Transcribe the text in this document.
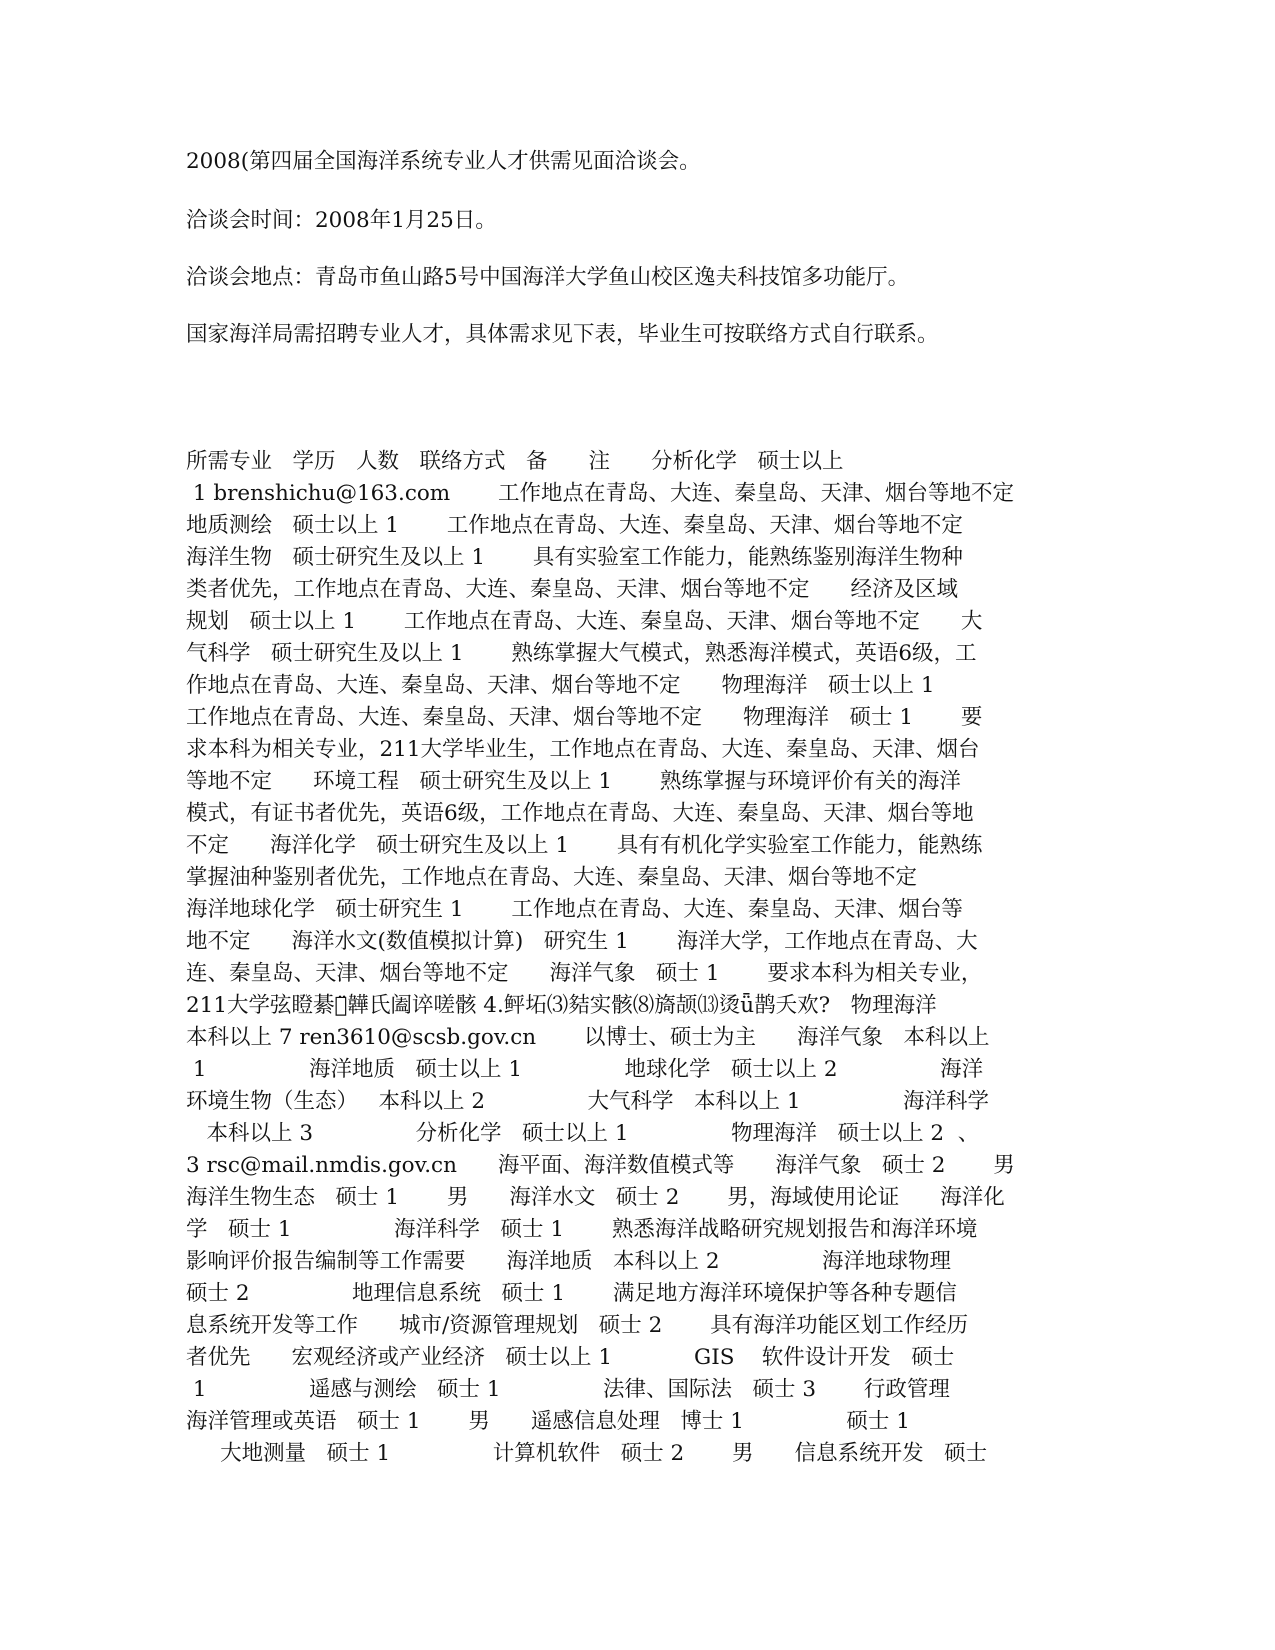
2008(第四届全国海洋系统专业人才供需见面洽谈会。

洽谈会时间：2008年1月25日。

洽谈会地点：青岛市鱼山路5号中国海洋大学鱼山校区逸夫科技馆多功能厅。

国家海洋局需招聘专业人才，具体需求见下表，毕业生可按联络方式自行联系。

所需专业   学历   人数   联络方式   备      注      分析化学   硕士以上

1 brenshichu@163.com       工作地点在青岛、大连、秦皇岛、天津、烟台等地不定

地质测绘   硕士以上 1       工作地点在青岛、大连、秦皇岛、天津、烟台等地不定

海洋生物   硕士研究生及以上 1       具有实验室工作能力，能熟练鉴别海洋生物种

类者优先，工作地点在青岛、大连、秦皇岛、天津、烟台等地不定      经济及区域

规划   硕士以上 1       工作地点在青岛、大连、秦皇岛、天津、烟台等地不定      大

气科学   硕士研究生及以上 1       熟练掌握大气模式，熟悉海洋模式，英语6级，工

作地点在青岛、大连、秦皇岛、天津、烟台等地不定      物理海洋   硕士以上 1

工作地点在青岛、大连、秦皇岛、天津、烟台等地不定      物理海洋   硕士 1       要

求本科为相关专业，211大学毕业生，工作地点在青岛、大连、秦皇岛、天津、烟台

等地不定      环境工程   硕士研究生及以上 1       熟练掌握与环境评价有关的海洋

模式，有证书者优先，英语6级，工作地点在青岛、大连、秦皇岛、天津、烟台等地

不定      海洋化学   硕士研究生及以上 1       具有有机化学实验室工作能力，能熟练

掌握油种鉴别者优先，工作地点在青岛、大连、秦皇岛、天津、烟台等地不定

海洋地球化学   硕士研究生 1       工作地点在青岛、大连、秦皇岛、天津、烟台等

地不定      海洋水文(数值模拟计算)   研究生 1       海洋大学，工作地点在青岛、大

连、秦皇岛、天津、烟台等地不定      海洋气象   硕士 1       要求本科为相关专业，

211大学弦瞪綦鄹̈韡氏阖谇嗟骸 4.鲆坧⑶夡实骸⑻旖颉⒀烫ǖ鹊夭欢?   物理海洋

本科以上 7 ren3610@scsb.gov.cn       以博士、硕士为主      海洋气象   本科以上

1               海洋地质   硕士以上 1               地球化学   硕士以上 2               海洋

环境生物（生态）   本科以上 2               大气科学   本科以上 1               海洋科学

本科以上 3               分析化学   硕士以上 1               物理海洋   硕士以上 2  、

3 rsc@mail.nmdis.gov.cn      海平面、海洋数值模式等      海洋气象   硕士 2       男

海洋生物生态   硕士 1       男      海洋水文   硕士 2       男，海域使用论证      海洋化

学   硕士 1               海洋科学   硕士 1       熟悉海洋战略研究规划报告和海洋环境

影响评价报告编制等工作需要      海洋地质   本科以上 2               海洋地球物理

硕士 2               地理信息系统   硕士 1       满足地方海洋环境保护等各种专题信

息系统开发等工作      城市/资源管理规划   硕士 2       具有海洋功能区划工作经历

者优先      宏观经济或产业经济   硕士以上 1            GIS    软件设计开发   硕士

1               遥感与测绘   硕士 1               法律、国际法   硕士 3       行政管理

海洋管理或英语   硕士 1       男      遥感信息处理   博士 1               硕士 1

大地测量   硕士 1               计算机软件   硕士 2       男      信息系统开发   硕士
